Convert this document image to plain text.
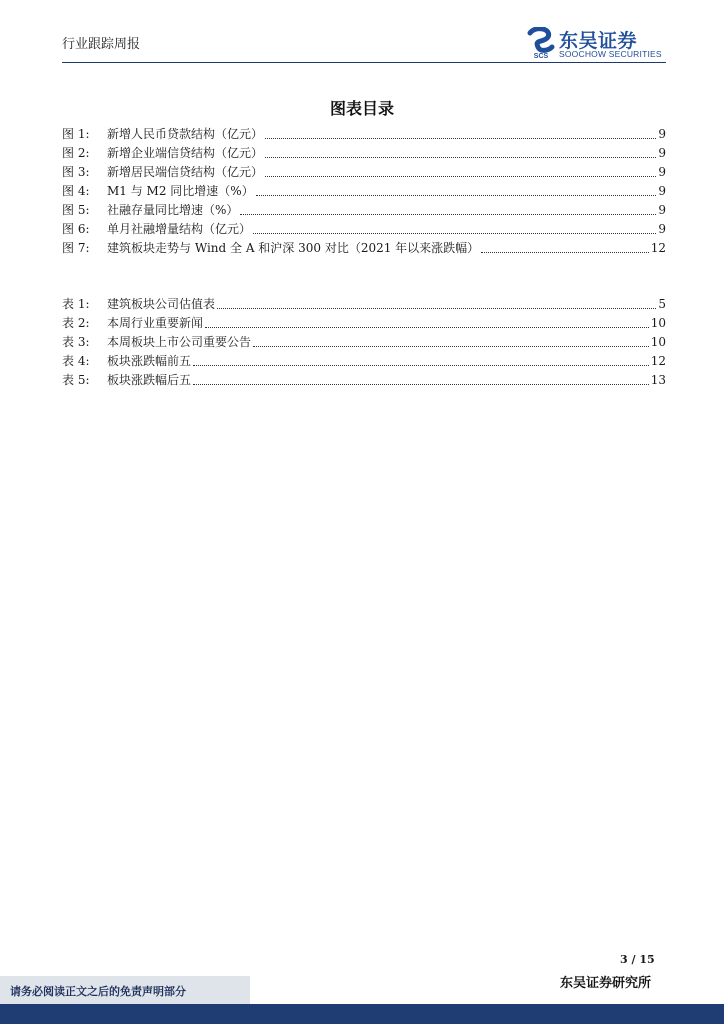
行业跟踪周报
SCS
东吴证券
SOOCHOW SECURITIES
图表目录
图 1:	新增人民币贷款结构（亿元）	9
图 2:	新增企业端信贷结构（亿元）	9
图 3:	新增居民端信贷结构（亿元）	9
图 4:	M1 与 M2 同比增速（%）	9
图 5:	社融存量同比增速（%）	9
图 6:	单月社融增量结构（亿元）	9
图 7:	建筑板块走势与 Wind 全 A 和沪深 300 对比（2021 年以来涨跌幅）	12
表 1:	建筑板块公司估值表	5
表 2:	本周行业重要新闻	10
表 3:	本周板块上市公司重要公告	10
表 4:	板块涨跌幅前五	12
表 5:	板块涨跌幅后五	13
3 / 15
请务必阅读正文之后的免责声明部分
东吴证券研究所
